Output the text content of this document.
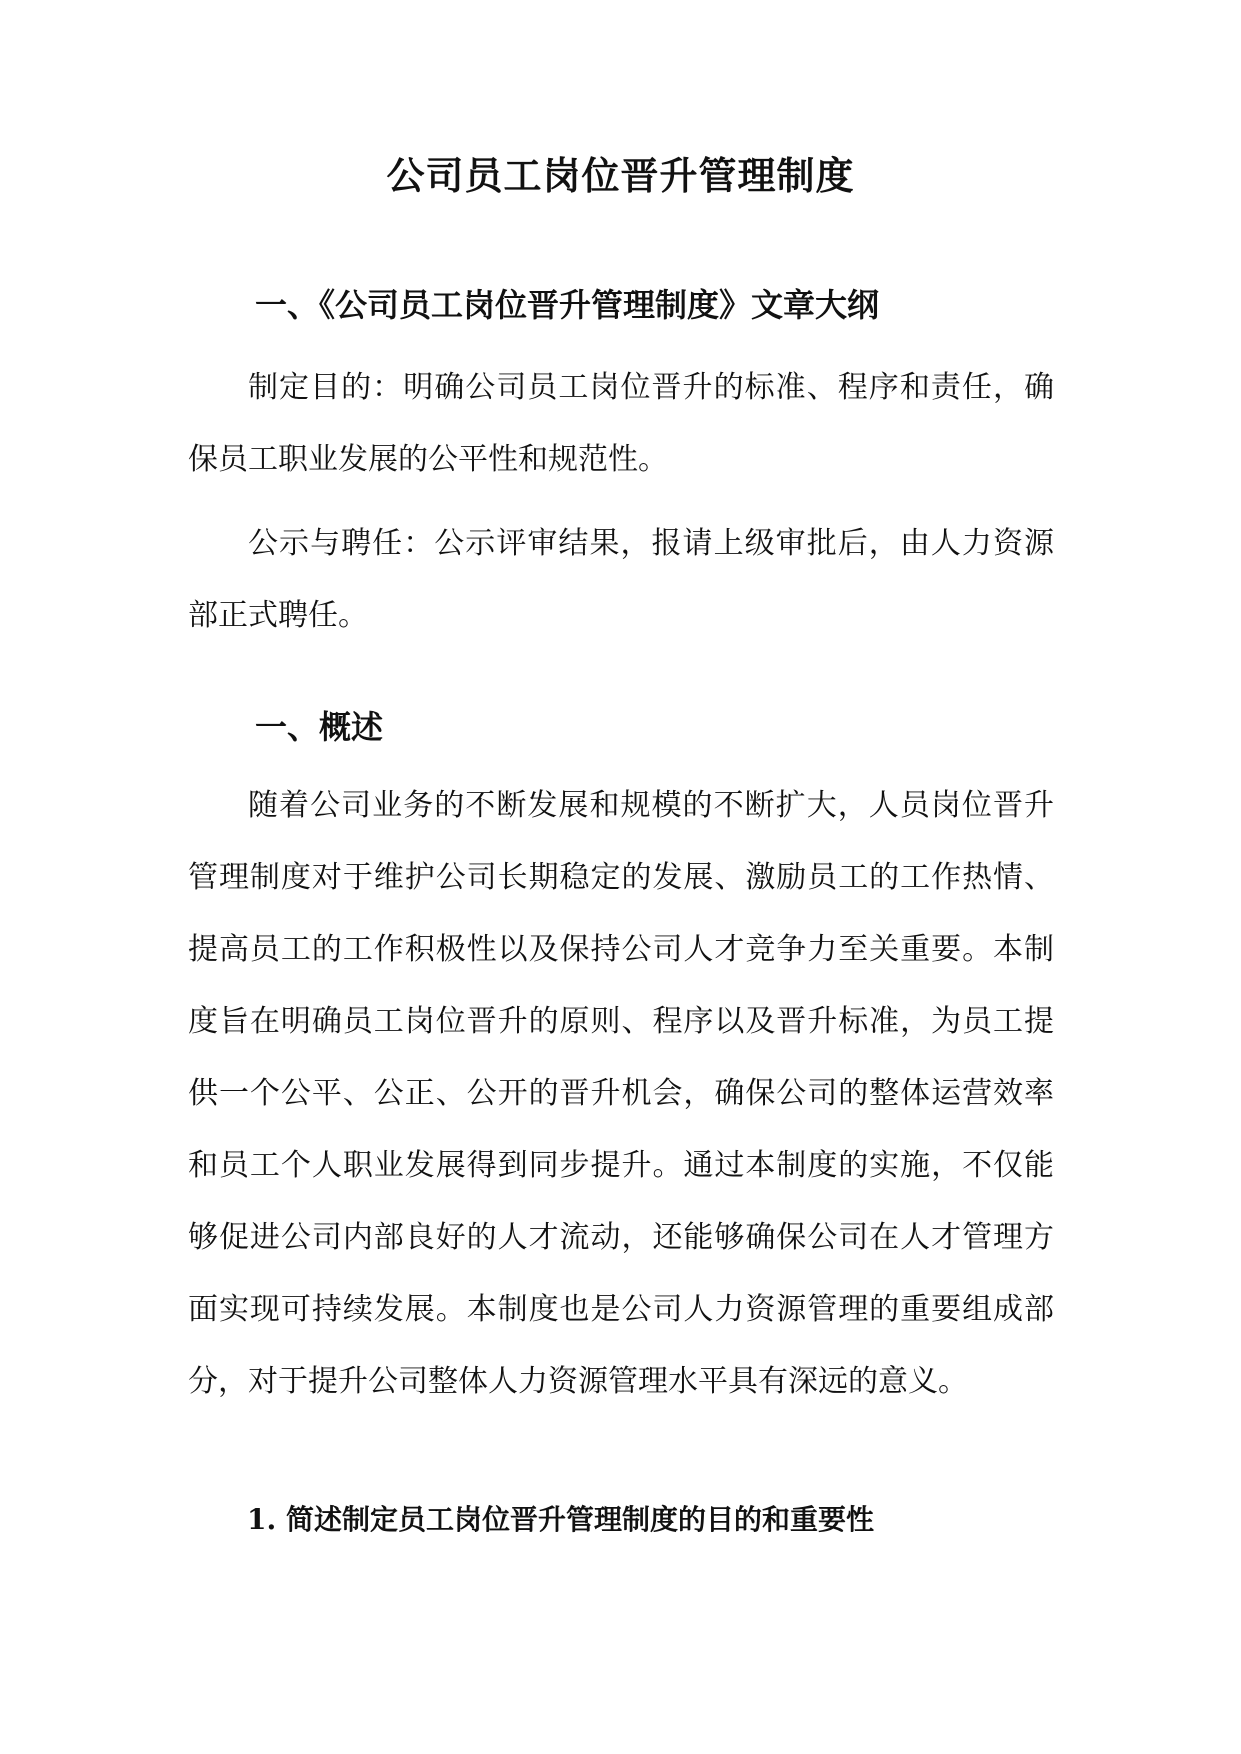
公司员工岗位晋升管理制度
一、《公司员工岗位晋升管理制度》文章大纲

制定目的：明确公司员工岗位晋升的标准、程序和责任，确保员工职业发展的公平性和规范性。

公示与聘任：公示评审结果，报请上级审批后，由人力资源部正式聘任。

一、概述

随着公司业务的不断发展和规模的不断扩大，人员岗位晋升管理制度对于维护公司长期稳定的发展、激励员工的工作热情、提高员工的工作积极性以及保持公司人才竞争力至关重要。本制度旨在明确员工岗位晋升的原则、程序以及晋升标准，为员工提供一个公平、公正、公开的晋升机会，确保公司的整体运营效率和员工个人职业发展得到同步提升。通过本制度的实施，不仅能够促进公司内部良好的人才流动，还能够确保公司在人才管理方面实现可持续发展。本制度也是公司人力资源管理的重要组成部分，对于提升公司整体人力资源管理水平具有深远的意义。

1. 简述制定员工岗位晋升管理制度的目的和重要性
